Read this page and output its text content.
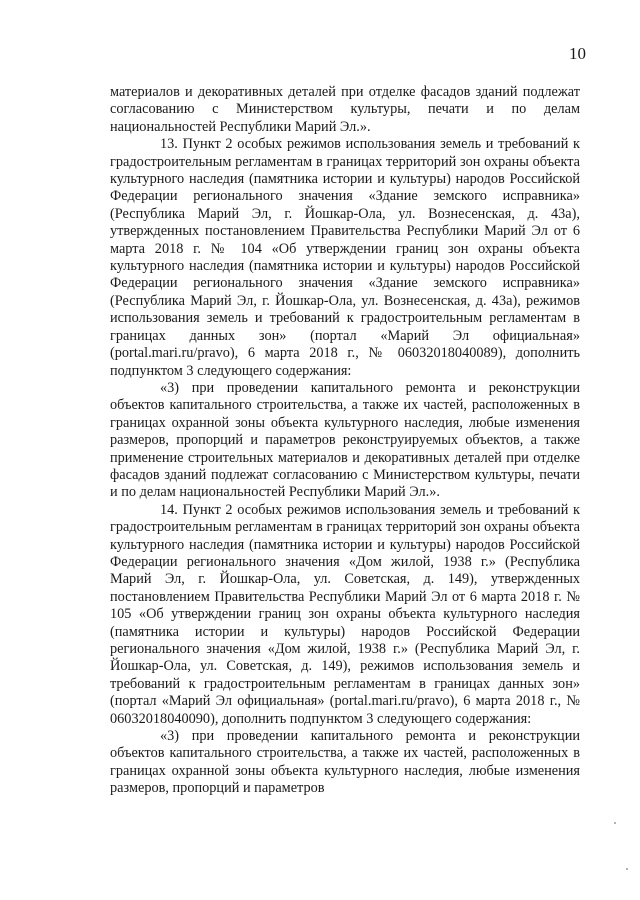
10

материалов и декоративных деталей при отделке фасадов зданий подлежат согласованию с Министерством культуры, печати и по делам национальностей Республики Марий Эл.».

13. Пункт 2 особых режимов использования земель и требований к градостроительным регламентам в границах территорий зон охраны объекта культурного наследия (памятника истории и культуры) народов Российской Федерации регионального значения «Здание земского исправника» (Республика Марий Эл, г. Йошкар-Ола, ул. Вознесенская, д. 43а), утвержденных постановлением Правительства Республики Марий Эл от 6 марта 2018 г. № 104 «Об утверждении границ зон охраны объекта культурного наследия (памятника истории и культуры) народов Российской Федерации регионального значения «Здание земского исправника» (Республика Марий Эл, г. Йошкар-Ола, ул. Вознесенская, д. 43а), режимов использования земель и требований к градостроительным регламентам в границах данных зон» (портал «Марий Эл официальная» (portal.mari.ru/pravo), 6 марта 2018 г., № 06032018040089), дополнить подпунктом 3 следующего содержания:

«3) при проведении капитального ремонта и реконструкции объектов капитального строительства, а также их частей, расположенных в границах охранной зоны объекта культурного наследия, любые изменения размеров, пропорций и параметров реконструируемых объектов, а также применение строительных материалов и декоративных деталей при отделке фасадов зданий подлежат согласованию с Министерством культуры, печати и по делам национальностей Республики Марий Эл.».

14. Пункт 2 особых режимов использования земель и требований к градостроительным регламентам в границах территорий зон охраны объекта культурного наследия (памятника истории и культуры) народов Российской Федерации регионального значения «Дом жилой, 1938 г.» (Республика Марий Эл, г. Йошкар-Ола, ул. Советская, д. 149), утвержденных постановлением Правительства Республики Марий Эл от 6 марта 2018 г. № 105 «Об утверждении границ зон охраны объекта культурного наследия (памятника истории и культуры) народов Российской Федерации регионального значения «Дом жилой, 1938 г.» (Республика Марий Эл, г. Йошкар-Ола, ул. Советская, д. 149), режимов использования земель и требований к градостроительным регламентам в границах данных зон» (портал «Марий Эл официальная» (portal.mari.ru/pravo), 6 марта 2018 г., № 06032018040090), дополнить подпунктом 3 следующего содержания:

«3) при проведении капитального ремонта и реконструкции объектов капитального строительства, а также их частей, расположенных в границах охранной зоны объекта культурного наследия, любые изменения размеров, пропорций и параметров
